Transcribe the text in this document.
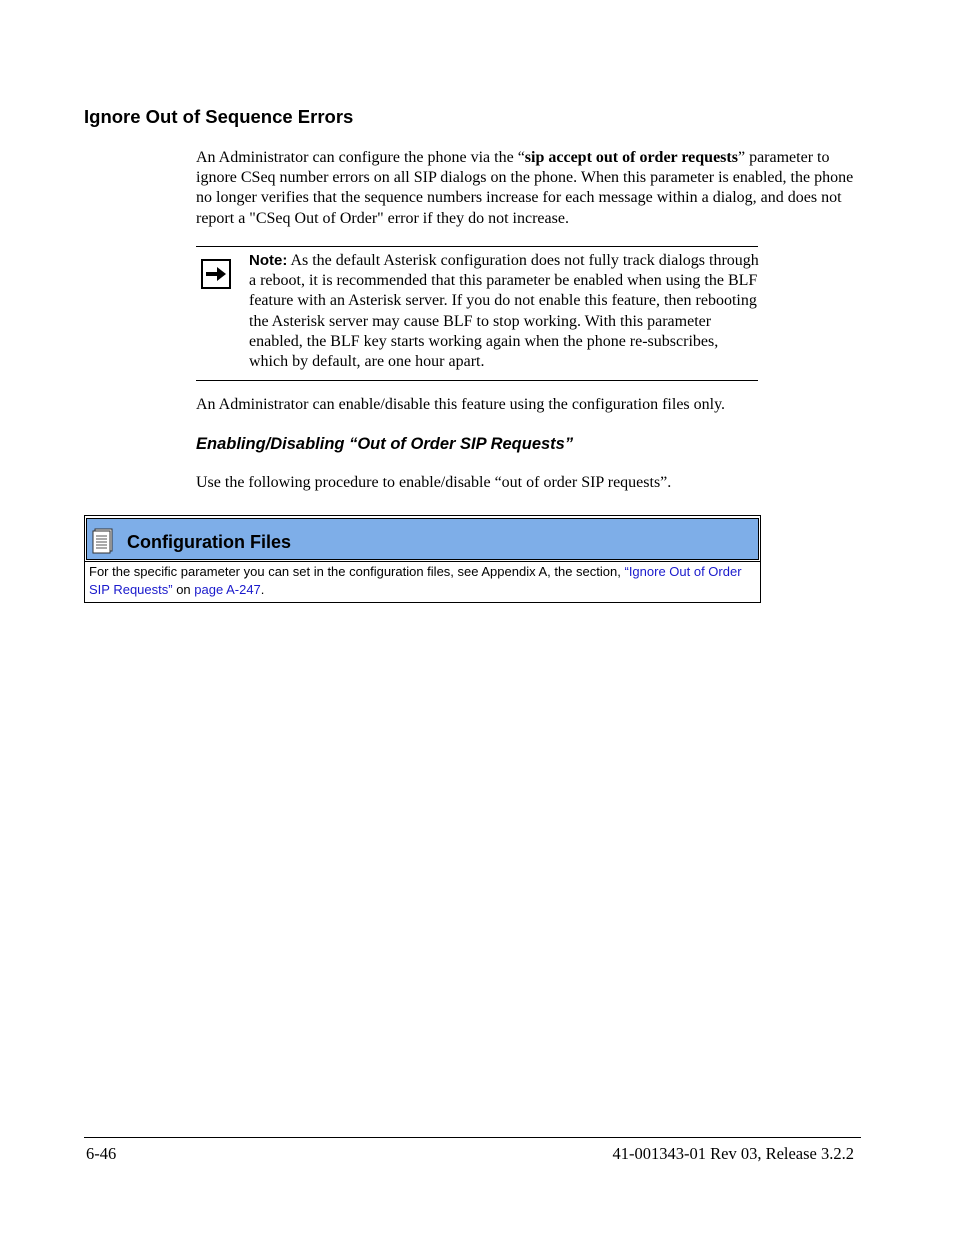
Ignore Out of Sequence Errors
An Administrator can configure the phone via the “sip accept out of order requests” parameter to ignore CSeq number errors on all SIP dialogs on the phone. When this parameter is enabled, the phone no longer verifies that the sequence numbers increase for each message within a dialog, and does not report a "CSeq Out of Order" error if they do not increase.
Note: As the default Asterisk configuration does not fully track dialogs through a reboot, it is recommended that this parameter be enabled when using the BLF feature with an Asterisk server. If you do not enable this feature, then rebooting the Asterisk server may cause BLF to stop working. With this parameter enabled, the BLF key starts working again when the phone re-subscribes, which by default, are one hour apart.
An Administrator can enable/disable this feature using the configuration files only.
Enabling/Disabling “Out of Order SIP Requests”
Use the following procedure to enable/disable “out of order SIP requests”.
Configuration Files
For the specific parameter you can set in the configuration files, see Appendix A, the section, “Ignore Out of Order SIP Requests” on page A-247.
6-46	41-001343-01 Rev 03, Release 3.2.2
